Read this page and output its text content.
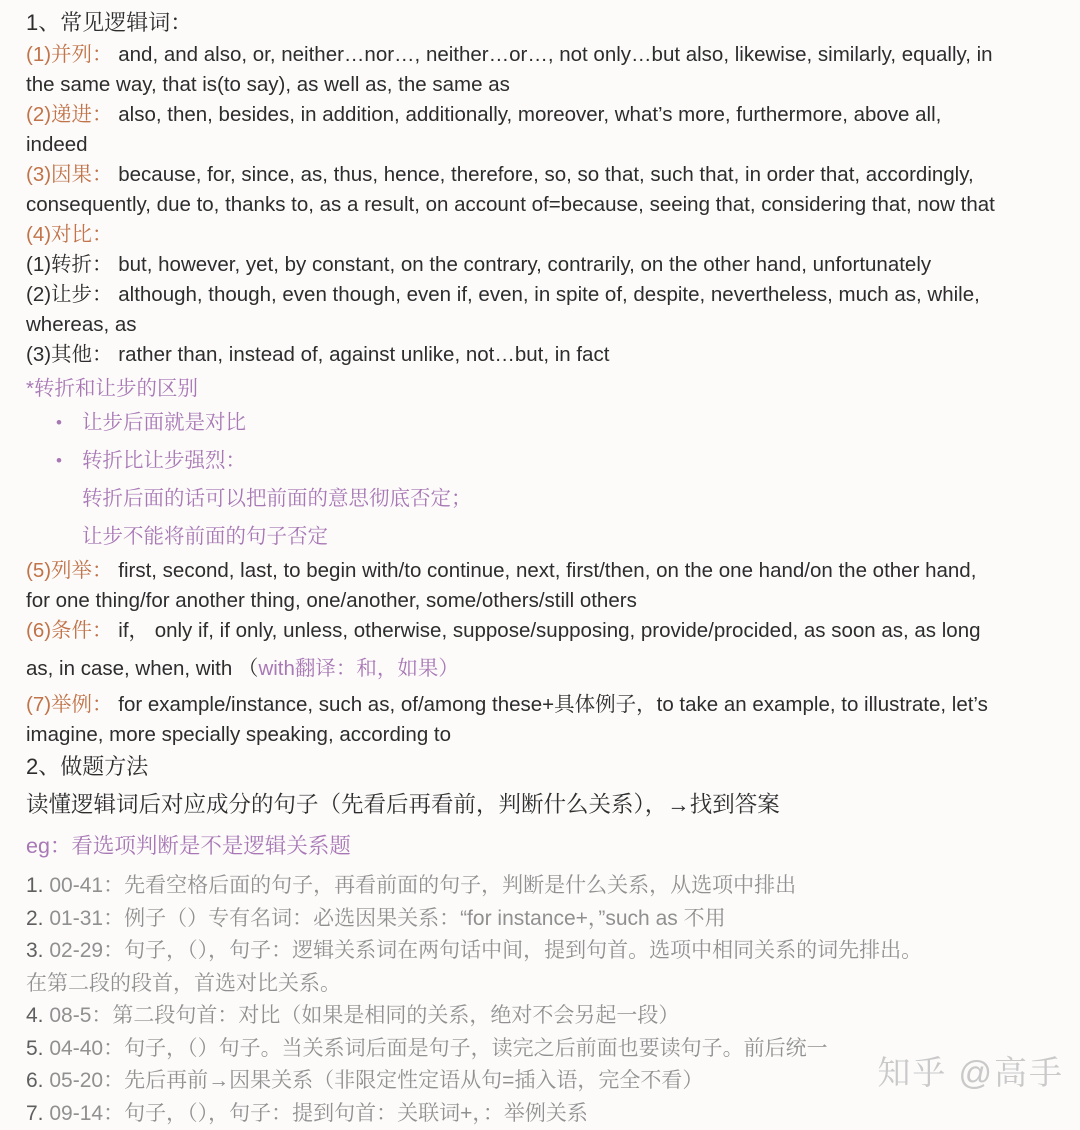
1、常见逻辑词：
(1)并列： and, and also, or, neither…nor…, neither…or…, not only…but also, likewise, similarly, equally, in
the same way, that is(to say), as well as, the same as
(2)递进： also, then, besides, in addition, additionally, moreover, what’s more, furthermore, above all,
indeed
(3)因果： because, for, since, as, thus, hence, therefore, so, so that, such that, in order that, accordingly,
consequently, due to, thanks to, as a result, on account of=because, seeing that, considering that, now that
(4)对比：
(1)转折： but, however, yet, by constant, on the contrary, contrarily, on the other hand, unfortunately
(2)让步： although, though, even though, even if, even, in spite of, despite, nevertheless, much as, while,
whereas, as
(3)其他： rather than, instead of, against unlike, not…but, in fact
*转折和让步的区别
• 让步后面就是对比
• 转折比让步强烈：
转折后面的话可以把前面的意思彻底否定；
让步不能将前面的句子否定
(5)列举： first, second, last, to begin with/to continue, next, first/then, on the one hand/on the other hand,
for one thing/for another thing, one/another, some/others/still others
(6)条件： if， only if, if only, unless, otherwise, suppose/supposing, provide/procided, as soon as, as long
as, in case, when, with （with翻译：和，如果）
(7)举例： for example/instance, such as, of/among these+具体例子，to take an example, to illustrate, let’s
imagine, more specially speaking, according to
2、做题方法
读懂逻辑词后对应成分的句子（先看后再看前，判断什么关系），→找到答案
eg：看选项判断是不是逻辑关系题
1. 00-41：先看空格后面的句子，再看前面的句子，判断是什么关系，从选项中排出
2. 01-31：例子（）专有名词：必选因果关系：“for instance+，”such as 不用
3. 02-29：句子，（），句子：逻辑关系词在两句话中间，提到句首。选项中相同关系的词先排出。
在第二段的段首，首选对比关系。
4. 08-5：第二段句首：对比（如果是相同的关系，绝对不会另起一段）
5. 04-40：句子，（）句子。当关系词后面是句子，读完之后前面也要读句子。前后统一
6. 05-20：先后再前→因果关系（非限定性定语从句=插入语，完全不看）
7. 09-14：句子，（），句子：提到句首：关联词+，：举例关系
知乎 @高手
